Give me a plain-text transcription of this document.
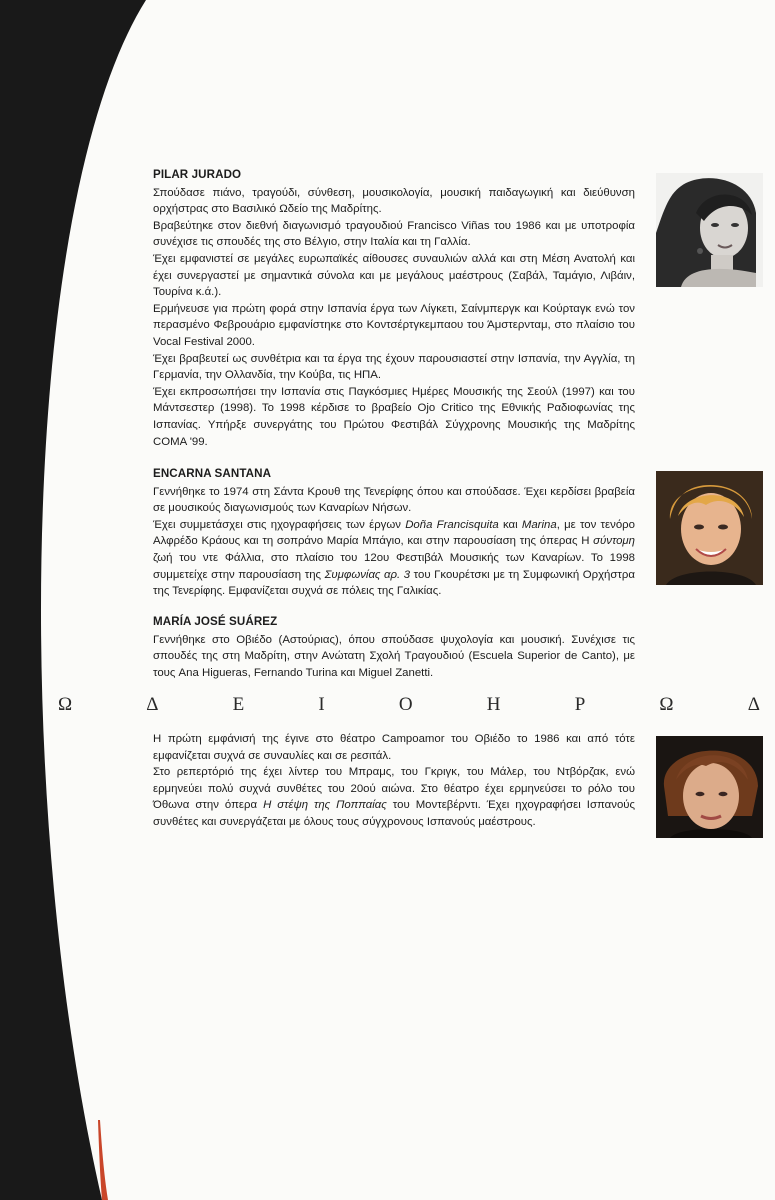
PILAR JURADO

Σπούδασε πιάνο, τραγούδι, σύνθεση, μουσικολογία, μουσική παιδαγωγική και διεύθυνση ορχήστρας στο Βασιλικό Ωδείο της Μαδρίτης.

Βραβεύτηκε στον διεθνή διαγωνισμό τραγουδιού Francisco Viñas του 1986 και με υποτροφία συνέχισε τις σπουδές της στο Βέλγιο, στην Ιταλία και τη Γαλλία.

Έχει εμφανιστεί σε μεγάλες ευρωπαϊκές αίθουσες συναυλιών αλλά και στη Μέση Ανατολή και έχει συνεργαστεί με σημαντικά σύνολα και με μεγάλους μαέστρους (Σαβάλ, Ταμάγιο, Λιβάιν, Τουρίνα κ.ά.).

Ερμήνευσε για πρώτη φορά στην Ισπανία έργα των Λίγκετι, Σαίνμπεργκ και Κούρταγκ ενώ τον περασμένο Φεβρουάριο εμφανίστηκε στο Κοντσέρτγκεμπαου του Άμστερνταμ, στο πλαίσιο του Vocal Festival 2000.

Έχει βραβευτεί ως συνθέτρια και τα έργα της έχουν παρουσιαστεί στην Ισπανία, την Αγγλία, τη Γερμανία, την Ολλανδία, την Κούβα, τις ΗΠΑ.

Έχει εκπροσωπήσει την Ισπανία στις Παγκόσμιες Ημέρες Μουσικής της Σεούλ (1997) και του Μάντσεστερ (1998). Το 1998 κέρδισε το βραβείο Ojo Critico της Εθνικής Ραδιοφωνίας της Ισπανίας. Υπήρξε συνεργάτης του Πρώτου Φεστιβάλ Σύγχρονης Μουσικής της Μαδρίτης COMA '99.

ENCARNA SANTANA

Γεννήθηκε το 1974 στη Σάντα Κρουθ της Τενερίφης όπου και σπούδασε. Έχει κερδίσει βραβεία σε μουσικούς διαγωνισμούς των Καναρίων Νήσων.

Έχει συμμετάσχει στις ηχογραφήσεις των έργων Doña Francisquita και Marina, με τον τενόρο Αλφρέδο Κράους και τη σοπράνο Μαρία Μπάγιο, και στην παρουσίαση της όπερας Η σύντομη ζωή του ντε Φάλλια, στο πλαίσιο του 12ου Φεστιβάλ Μουσικής των Καναρίων. Το 1998 συμμετείχε στην παρουσίαση της Συμφωνίας αρ. 3 του Γκουρέτσκι με τη Συμφωνική Ορχήστρα της Τενερίφης. Εμφανίζεται συχνά σε πόλεις της Γαλικίας.

MARÍA JOSÉ SUÁREZ

Γεννήθηκε στο Οβιέδο (Αστούριας), όπου σπούδασε ψυχολογία και μουσική. Συνέχισε τις σπουδές της στη Μαδρίτη, στην Ανώτατη Σχολή Τραγουδιού (Escuela Superior de Canto), με τους Ana Higueras, Fernando Turina και Miguel Zanetti.

Ω	Δ	Ε	Ι	Ο	Η	Ρ	Ω	Δ

Η πρώτη εμφάνισή της έγινε στο θέατρο Campoamor του Οβιέδο το 1986 και από τότε εμφανίζεται συχνά σε συναυλίες και σε ρεσιτάλ.

Στο ρεπερτόριό της έχει λίντερ του Μπραμς, του Γκριγκ, του Μάλερ, του Ντβόρζακ, ενώ ερμηνεύει πολύ συχνά συνθέτες του 20ού αιώνα. Στο θέατρο έχει ερμηνεύσει το ρόλο του Όθωνα στην όπερα Η στέψη της Ποππαίας του Μοντεβέρντι. Έχει ηχογραφήσει Ισπανούς συνθέτες και συνεργάζεται με όλους τους σύγχρονους Ισπανούς μαέστρους.
